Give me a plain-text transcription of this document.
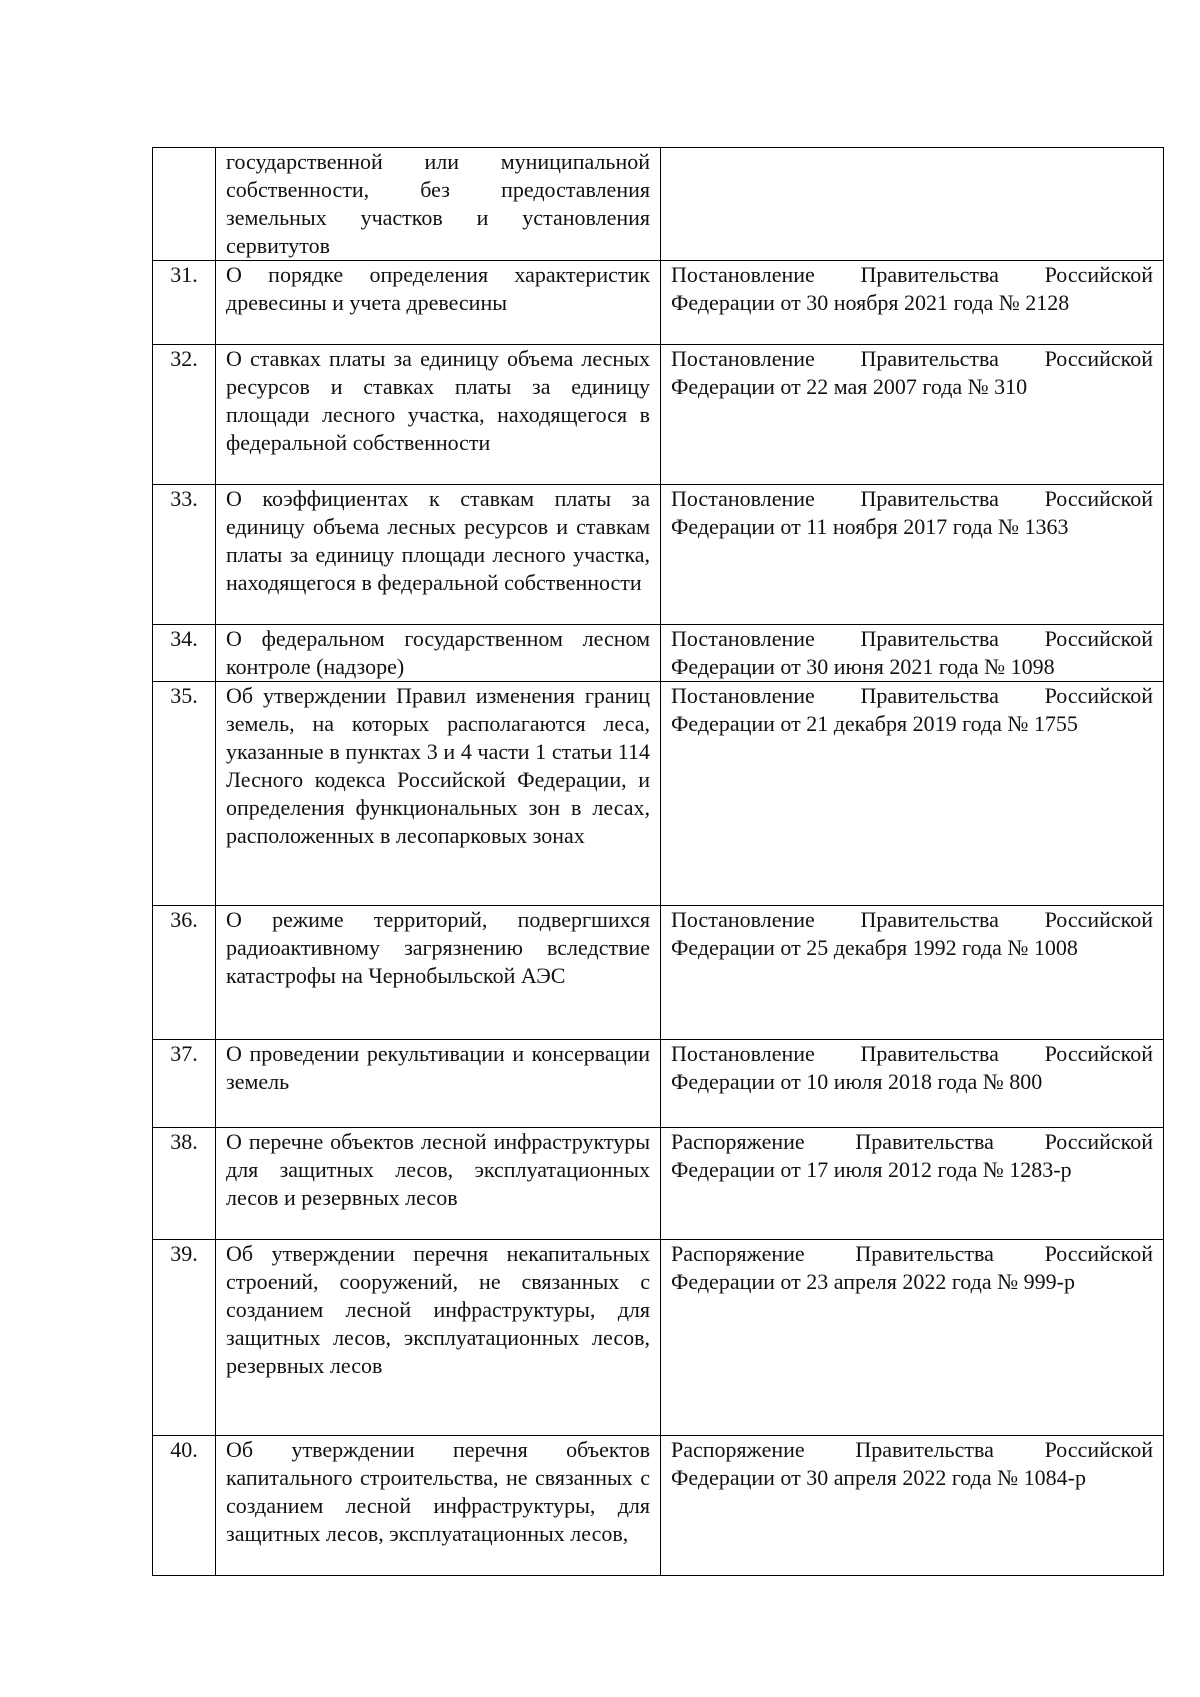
	государственной или муниципальной собственности, без предоставления земельных участков и установления сервитутов	

31.	О порядке определения характеристик древесины и учета древесины	Постановление Правительства Российской Федерации от 30 ноября 2021 года № 2128

32.	О ставках платы за единицу объема лесных ресурсов и ставках платы за единицу площади лесного участка, находящегося в федеральной собственности	Постановление Правительства Российской Федерации от 22 мая 2007 года № 310

33.	О коэффициентах к ставкам платы за единицу объема лесных ресурсов и ставкам платы за единицу площади лесного участка, находящегося в федеральной собственности	Постановление Правительства Российской Федерации от 11 ноября 2017 года № 1363

34.	О федеральном государственном лесном контроле (надзоре)	Постановление Правительства Российской Федерации от 30 июня 2021 года № 1098

35.	Об утверждении Правил изменения границ земель, на которых располагаются леса, указанные в пунктах 3 и 4 части 1 статьи 114 Лесного кодекса Российской Федерации, и определения функциональных зон в лесах, расположенных в лесопарковых зонах	Постановление Правительства Российской Федерации от 21 декабря 2019 года № 1755

36.	О режиме территорий, подвергшихся радиоактивному загрязнению вследствие катастрофы на Чернобыльской АЭС	Постановление Правительства Российской Федерации от 25 декабря 1992 года № 1008

37.	О проведении рекультивации и консервации земель	Постановление Правительства Российской Федерации от 10 июля 2018 года № 800

38.	О перечне объектов лесной инфраструктуры для защитных лесов, эксплуатационных лесов и резервных лесов	Распоряжение Правительства Российской Федерации от 17 июля 2012 года № 1283-р

39.	Об утверждении перечня некапитальных строений, сооружений, не связанных с созданием лесной инфраструктуры, для защитных лесов, эксплуатационных лесов, резервных лесов	Распоряжение Правительства Российской Федерации от 23 апреля 2022 года № 999-р

40.	Об утверждении перечня объектов капитального строительства, не связанных с созданием лесной инфраструктуры, для защитных лесов, эксплуатационных лесов,	Распоряжение Правительства Российской Федерации от 30 апреля 2022 года № 1084-р
